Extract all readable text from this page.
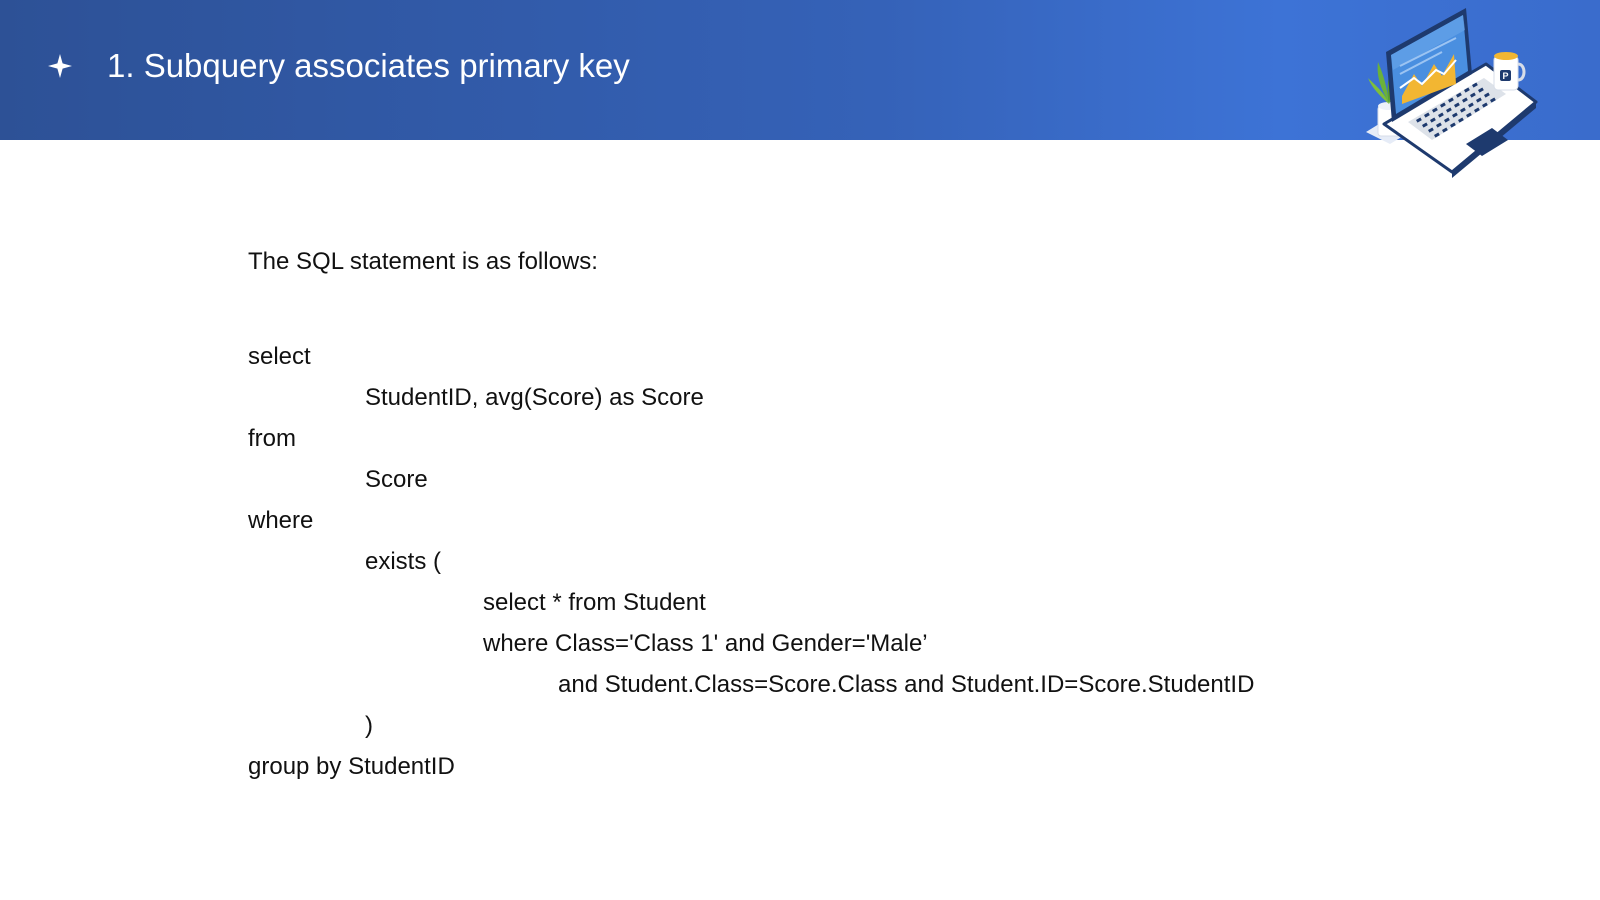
1. Subquery associates primary key	P
The SQL statement is as follows:
select
StudentID, avg(Score) as Score
from
Score
where
exists (
select * from Student
where Class='Class 1' and Gender='Male’
and Student.Class=Score.Class and Student.ID=Score.StudentID
)
group by StudentID
